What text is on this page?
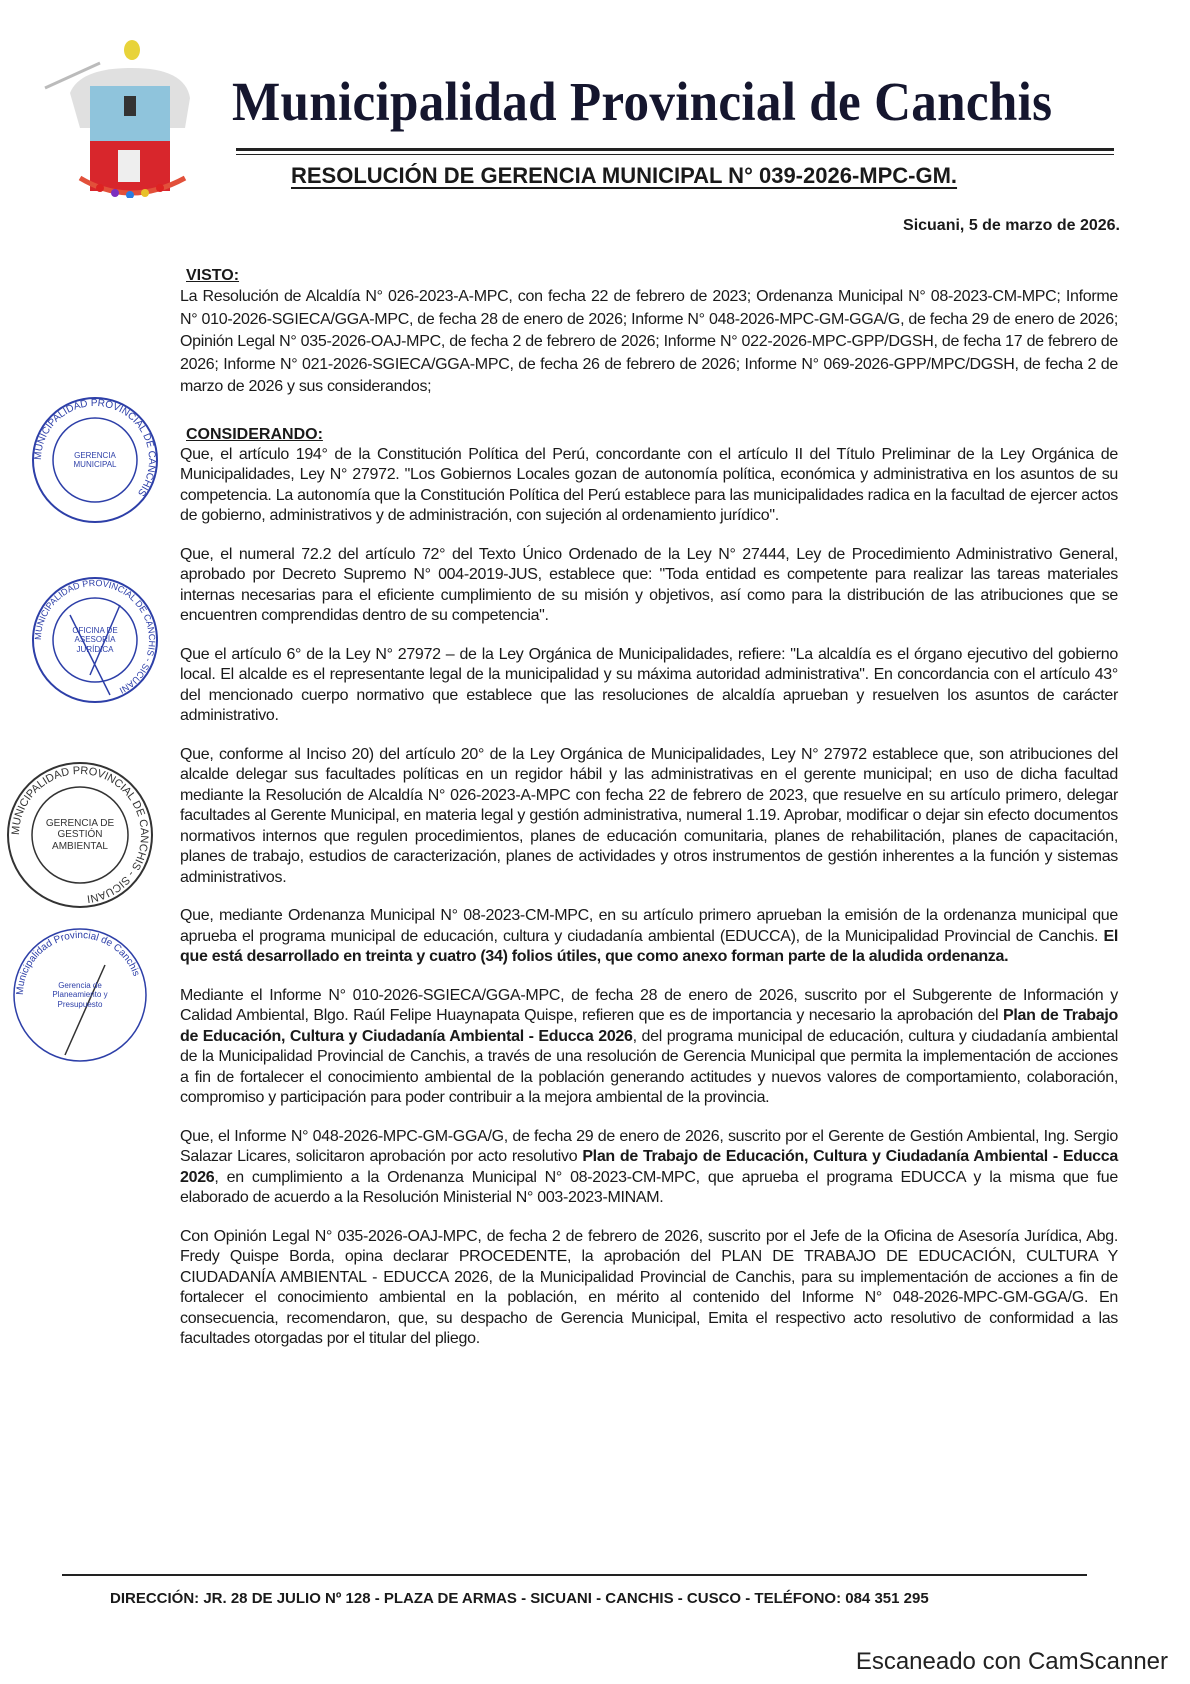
Municipalidad Provincial de Canchis
RESOLUCIÓN DE GERENCIA MUNICIPAL N° 039-2026-MPC-GM.
Sicuani, 5 de marzo de 2026.
VISTO:

La Resolución de Alcaldía N° 026-2023-A-MPC, con fecha 22 de febrero de 2023; Ordenanza Municipal N° 08-2023-CM-MPC; Informe N° 010-2026-SGIECA/GGA-MPC, de fecha 28 de enero de 2026; Informe N° 048-2026-MPC-GM-GGA/G, de fecha 29 de enero de 2026; Opinión Legal N° 035-2026-OAJ-MPC, de fecha 2 de febrero de 2026; Informe N° 022-2026-MPC-GPP/DGSH, de fecha 17 de febrero de 2026; Informe N° 021-2026-SGIECA/GGA-MPC, de fecha 26 de febrero de 2026; Informe N° 069-2026-GPP/MPC/DGSH, de fecha 2 de marzo de 2026 y sus considerandos;

CONSIDERANDO:

Que, el artículo 194° de la Constitución Política del Perú, concordante con el artículo II del Título Preliminar de la Ley Orgánica de Municipalidades, Ley N° 27972. "Los Gobiernos Locales gozan de autonomía política, económica y administrativa en los asuntos de su competencia. La autonomía que la Constitución Política del Perú establece para las municipalidades radica en la facultad de ejercer actos de gobierno, administrativos y de administración, con sujeción al ordenamiento jurídico".

Que, el numeral 72.2 del artículo 72° del Texto Único Ordenado de la Ley N° 27444, Ley de Procedimiento Administrativo General, aprobado por Decreto Supremo N° 004-2019-JUS, establece que: "Toda entidad es competente para realizar las tareas materiales internas necesarias para el eficiente cumplimiento de su misión y objetivos, así como para la distribución de las atribuciones que se encuentren comprendidas dentro de su competencia".

Que el artículo 6° de la Ley N° 27972 – de la Ley Orgánica de Municipalidades, refiere: "La alcaldía es el órgano ejecutivo del gobierno local. El alcalde es el representante legal de la municipalidad y su máxima autoridad administrativa". En concordancia con el artículo 43° del mencionado cuerpo normativo que establece que las resoluciones de alcaldía aprueban y resuelven los asuntos de carácter administrativo.

Que, conforme al Inciso 20) del artículo 20° de la Ley Orgánica de Municipalidades, Ley N° 27972 establece que, son atribuciones del alcalde delegar sus facultades políticas en un regidor hábil y las administrativas en el gerente municipal; en uso de dicha facultad mediante la Resolución de Alcaldía N° 026-2023-A-MPC con fecha 22 de febrero de 2023, que resuelve en su artículo primero, delegar facultades al Gerente Municipal, en materia legal y gestión administrativa, numeral 1.19. Aprobar, modificar o dejar sin efecto documentos normativos internos que regulen procedimientos, planes de educación comunitaria, planes de rehabilitación, planes de capacitación, planes de trabajo, estudios de caracterización, planes de actividades y otros instrumentos de gestión inherentes a la función y sistemas administrativos.

Que, mediante Ordenanza Municipal N° 08-2023-CM-MPC, en su artículo primero aprueban la emisión de la ordenanza municipal que aprueba el programa municipal de educación, cultura y ciudadanía ambiental (EDUCCA), de la Municipalidad Provincial de Canchis. El que está desarrollado en treinta y cuatro (34) folios útiles, que como anexo forman parte de la aludida ordenanza.

Mediante el Informe N° 010-2026-SGIECA/GGA-MPC, de fecha 28 de enero de 2026, suscrito por el Subgerente de Información y Calidad Ambiental, Blgo. Raúl Felipe Huaynapata Quispe, refieren que es de importancia y necesario la aprobación del Plan de Trabajo de Educación, Cultura y Ciudadanía Ambiental - Educca 2026, del programa municipal de educación, cultura y ciudadanía ambiental de la Municipalidad Provincial de Canchis, a través de una resolución de Gerencia Municipal que permita la implementación de acciones a fin de fortalecer el conocimiento ambiental de la población generando actitudes y nuevos valores de comportamiento, colaboración, compromiso y participación para poder contribuir a la mejora ambiental de la provincia.

Que, el Informe N° 048-2026-MPC-GM-GGA/G, de fecha 29 de enero de 2026, suscrito por el Gerente de Gestión Ambiental, Ing. Sergio Salazar Licares, solicitaron aprobación por acto resolutivo Plan de Trabajo de Educación, Cultura y Ciudadanía Ambiental - Educca 2026, en cumplimiento a la Ordenanza Municipal N° 08-2023-CM-MPC, que aprueba el programa EDUCCA y la misma que fue elaborado de acuerdo a la Resolución Ministerial N° 003-2023-MINAM.

Con Opinión Legal N° 035-2026-OAJ-MPC, de fecha 2 de febrero de 2026, suscrito por el Jefe de la Oficina de Asesoría Jurídica, Abg. Fredy Quispe Borda, opina declarar PROCEDENTE, la aprobación del PLAN DE TRABAJO DE EDUCACIÓN, CULTURA Y CIUDADANÍA AMBIENTAL - EDUCCA 2026, de la Municipalidad Provincial de Canchis, para su implementación de acciones a fin de fortalecer el conocimiento ambiental en la población, en mérito al contenido del Informe N° 048-2026-MPC-GM-GGA/G. En consecuencia, recomendaron, que, su despacho de Gerencia Municipal, Emita el respectivo acto resolutivo de conformidad a las facultades otorgadas por el titular del pliego.

MUNICIPALIDAD PROVINCIAL DE CANCHIS
GERENCIA MUNICIPAL
MUNICIPALIDAD PROVINCIAL DE CANCHIS - SICUANI
OFICINA DE ASESORÍA JURÍDICA
MUNICIPALIDAD PROVINCIAL DE CANCHIS - SICUANI
GERENCIA DE GESTIÓN AMBIENTAL
Municipalidad Provincial de Canchis
Gerencia de Planeamiento y Presupuesto
DIRECCIÓN: JR. 28 DE JULIO Nº 128 - PLAZA DE ARMAS - SICUANI - CANCHIS - CUSCO - TELÉFONO: 084 351 295
Escaneado con CamScanner
